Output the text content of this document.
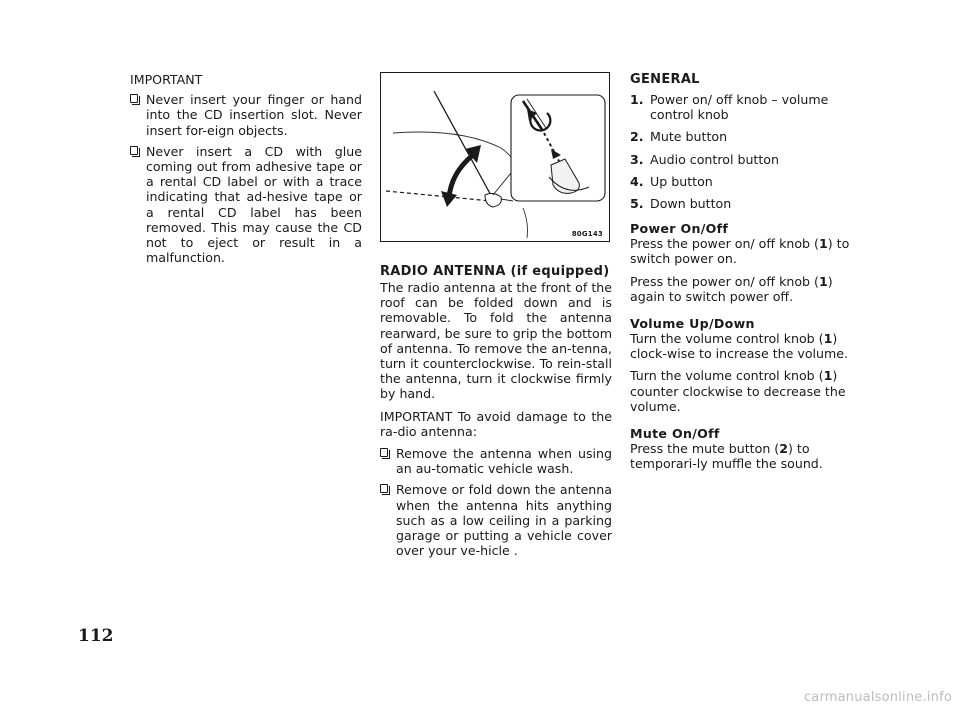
IMPORTANT

Never insert your finger or hand into the CD insertion slot. Never insert for-eign objects.
Never insert a CD with glue coming out from adhesive tape or a rental CD label or with a trace indicating that ad-hesive tape or a rental CD label has been removed. This may cause the CD not to eject or result in a malfunction.
80G143
RADIO ANTENNA (if equipped)

The radio antenna at the front of the roof can be folded down and is removable. To fold the antenna rearward, be sure to grip the bottom of antenna. To remove the an-tenna, turn it counterclockwise. To rein-stall the antenna, turn it clockwise firmly by hand.

IMPORTANT To avoid damage to the ra-dio antenna:

Remove the antenna when using an au-tomatic vehicle wash.
Remove or fold down the antenna when the antenna hits anything such as a low ceiling in a parking garage or putting a vehicle cover over your ve-hicle .
GENERAL
1. Power on/ off knob – volume control knob
2. Mute button
3. Audio control button
4. Up button
5. Down button
Power On/Off

Press the power on/ off knob (1) to switch power on.

Press the power on/ off knob (1) again to switch power off.

Volume Up/Down

Turn the volume control knob (1) clock-wise to increase the volume.

Turn the volume control knob (1) counter clockwise to decrease the volume.

Mute On/Off

Press the mute button (2) to temporari-ly muffle the sound.

112
carmanualsonline.info
